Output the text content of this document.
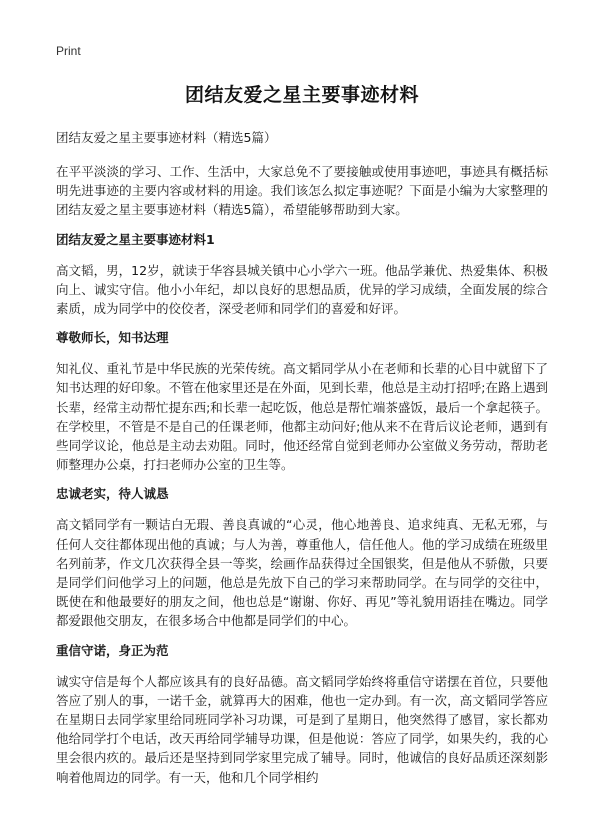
Print
团结友爱之星主要事迹材料

团结友爱之星主要事迹材料（精选5篇）

在平平淡淡的学习、工作、生活中，大家总免不了要接触或使用事迹吧，事迹具有概括标明先进事迹的主要内容或材料的用途。我们该怎么拟定事迹呢？下面是小编为大家整理的团结友爱之星主要事迹材料（精选5篇），希望能够帮助到大家。

团结友爱之星主要事迹材料1

高文韬，男，12岁，就读于华容县城关镇中心小学六一班。他品学兼优、热爱集体、积极向上、诚实守信。他小小年纪，却以良好的思想品质，优异的学习成绩，全面发展的综合素质，成为同学中的佼佼者，深受老师和同学们的喜爱和好评。

尊敬师长，知书达理

知礼仪、重礼节是中华民族的光荣传统。高文韬同学从小在老师和长辈的心目中就留下了知书达理的好印象。不管在他家里还是在外面，见到长辈，他总是主动打招呼;在路上遇到长辈，经常主动帮忙提东西;和长辈一起吃饭，他总是帮忙端茶盛饭，最后一个拿起筷子。在学校里，不管是不是自己的任课老师，他都主动问好;他从来不在背后议论老师，遇到有些同学议论，他总是主动去劝阻。同时，他还经常自觉到老师办公室做义务劳动，帮助老师整理办公桌，打扫老师办公室的卫生等。

忠诚老实，待人诚恳

高文韬同学有一颗诘白无瑕、善良真诚的“心灵，他心地善良、追求纯真、无私无邪，与任何人交往都体现出他的真诚；与人为善，尊重他人，信任他人。他的学习成绩在班级里名列前茅，作文几次获得全县一等奖，绘画作品获得过全国银奖，但是他从不骄傲，只要是同学们问他学习上的问题，他总是先放下自己的学习来帮助同学。在与同学的交往中，既使在和他最要好的朋友之间，他也总是“谢谢、你好、再见”等礼貌用语挂在嘴边。同学都爱跟他交朋友，在很多场合中他都是同学们的中心。

重信守诺，身正为范

诚实守信是每个人都应该具有的良好品德。高文韬同学始终将重信守诺摆在首位，只要他答应了别人的事，一诺千金，就算再大的困难，他也一定办到。有一次，高文韬同学答应在星期日去同学家里给同班同学补习功课，可是到了星期日，他突然得了感冒，家长都劝他给同学打个电话，改天再给同学辅导功课，但是他说：答应了同学，如果失约，我的心里会很内疚的。最后还是坚持到同学家里完成了辅导。同时，他诚信的良好品质还深刻影响着他周边的同学。有一天，他和几个同学相约
